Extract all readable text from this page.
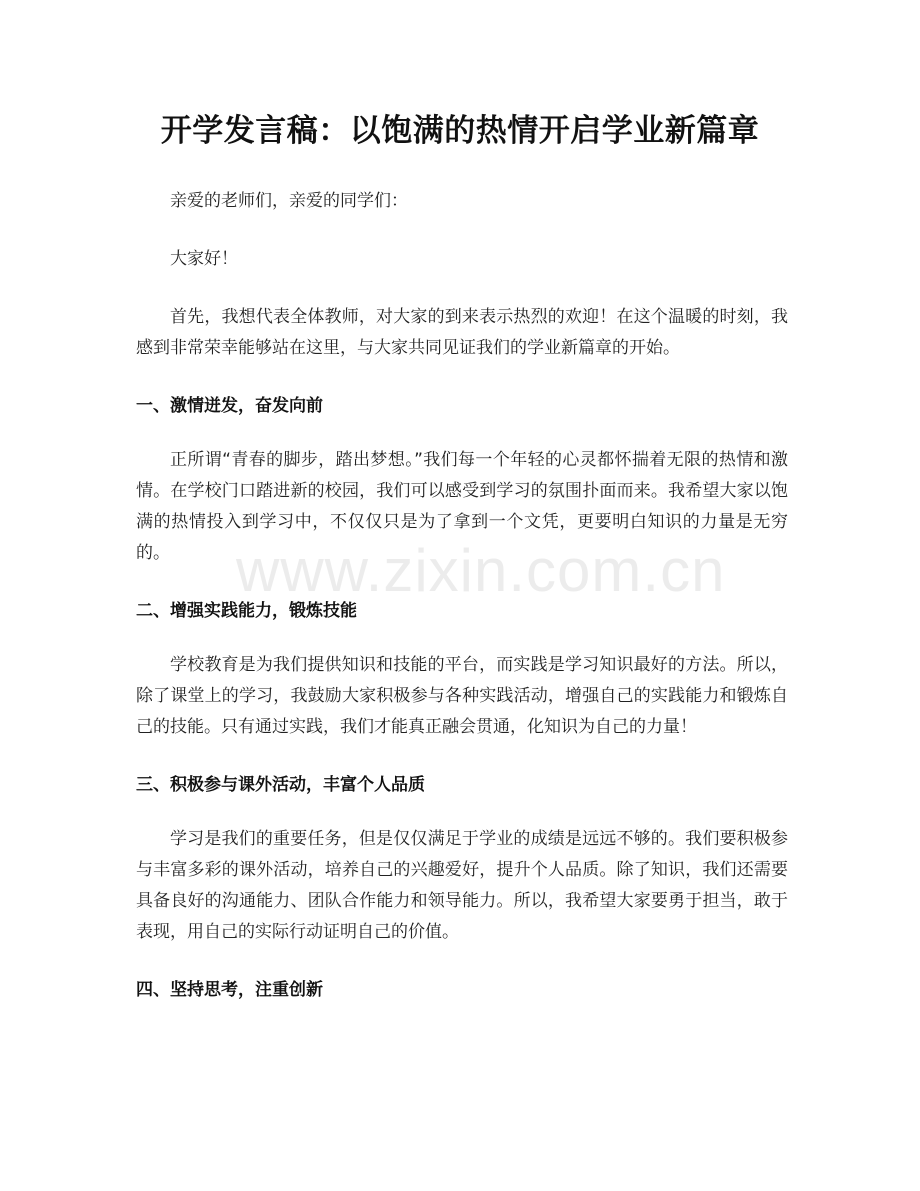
开学发言稿：以饱满的热情开启学业新篇章
www.zixin.com.cn

亲爱的老师们，亲爱的同学们：

大家好！

首先，我想代表全体教师，对大家的到来表示热烈的欢迎！在这个温暖的时刻，我感到非常荣幸能够站在这里，与大家共同见证我们的学业新篇章的开始。

一、激情迸发，奋发向前

正所谓“青春的脚步，踏出梦想。”我们每一个年轻的心灵都怀揣着无限的热情和激情。在学校门口踏进新的校园，我们可以感受到学习的氛围扑面而来。我希望大家以饱满的热情投入到学习中，不仅仅只是为了拿到一个文凭，更要明白知识的力量是无穷的。

二、增强实践能力，锻炼技能

学校教育是为我们提供知识和技能的平台，而实践是学习知识最好的方法。所以，除了课堂上的学习，我鼓励大家积极参与各种实践活动，增强自己的实践能力和锻炼自己的技能。只有通过实践，我们才能真正融会贯通，化知识为自己的力量！

三、积极参与课外活动，丰富个人品质

学习是我们的重要任务，但是仅仅满足于学业的成绩是远远不够的。我们要积极参与丰富多彩的课外活动，培养自己的兴趣爱好，提升个人品质。除了知识，我们还需要具备良好的沟通能力、团队合作能力和领导能力。所以，我希望大家要勇于担当，敢于表现，用自己的实际行动证明自己的价值。

四、坚持思考，注重创新
